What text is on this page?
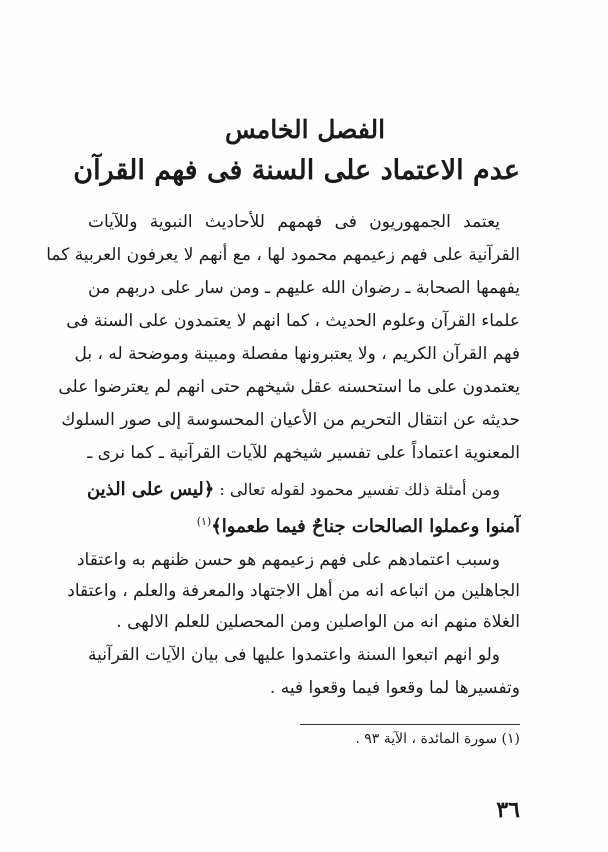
الفصل الخامس
عدم الاعتماد على السنة فى فهم القرآن
يعتمد الجمهوريون فى فهمهم للأحاديث النبوية وللآيات
القرآنية على فهم زعيمهم محمود لها ، مع أنهم لا يعرفون العربية كما
يفهمها الصحابة ـ رضوان الله عليهم ـ ومن سار على دربهم من
علماء القرآن وعلوم الحديث ، كما انهم لا يعتمدون على السنة فى
فهم القرآن الكريم ، ولا يعتبرونها مفصلة ومبينة وموضحة له ، بل
يعتمدون على ما استحسنه عقل شيخهم حتى انهم لم يعترضوا على
حديثه عن انتقال التحريم من الأعيان المحسوسة إلى صور السلوك
المعنوية اعتماداً على تفسير شيخهم للآيات القرآنية ـ كما نرى ـ
ومن أمثلة ذلك تفسير محمود لقوله تعالى : ﴿ليس على الذين
آمنوا وعملوا الصالحات جناحٌ فيما طعموا﴾$^{(١)}$
وسبب اعتمادهم على فهم زعيمهم هو حسن ظنهم به واعتقاد
الجاهلين من اتباعه انه من أهل الاجتهاد والمعرفة والعلم ، واعتقاد
الغلاة منهم انه من الواصلين ومن المحصلين للعلم الالهى .
ولو انهم اتبعوا السنة واعتمدوا عليها فى بيان الآيات القرآنية
وتفسيرها لما وقعوا فيما وقعوا فيه .
(١) سورة المائدة ، الآية ٩٣ .
٣٦
